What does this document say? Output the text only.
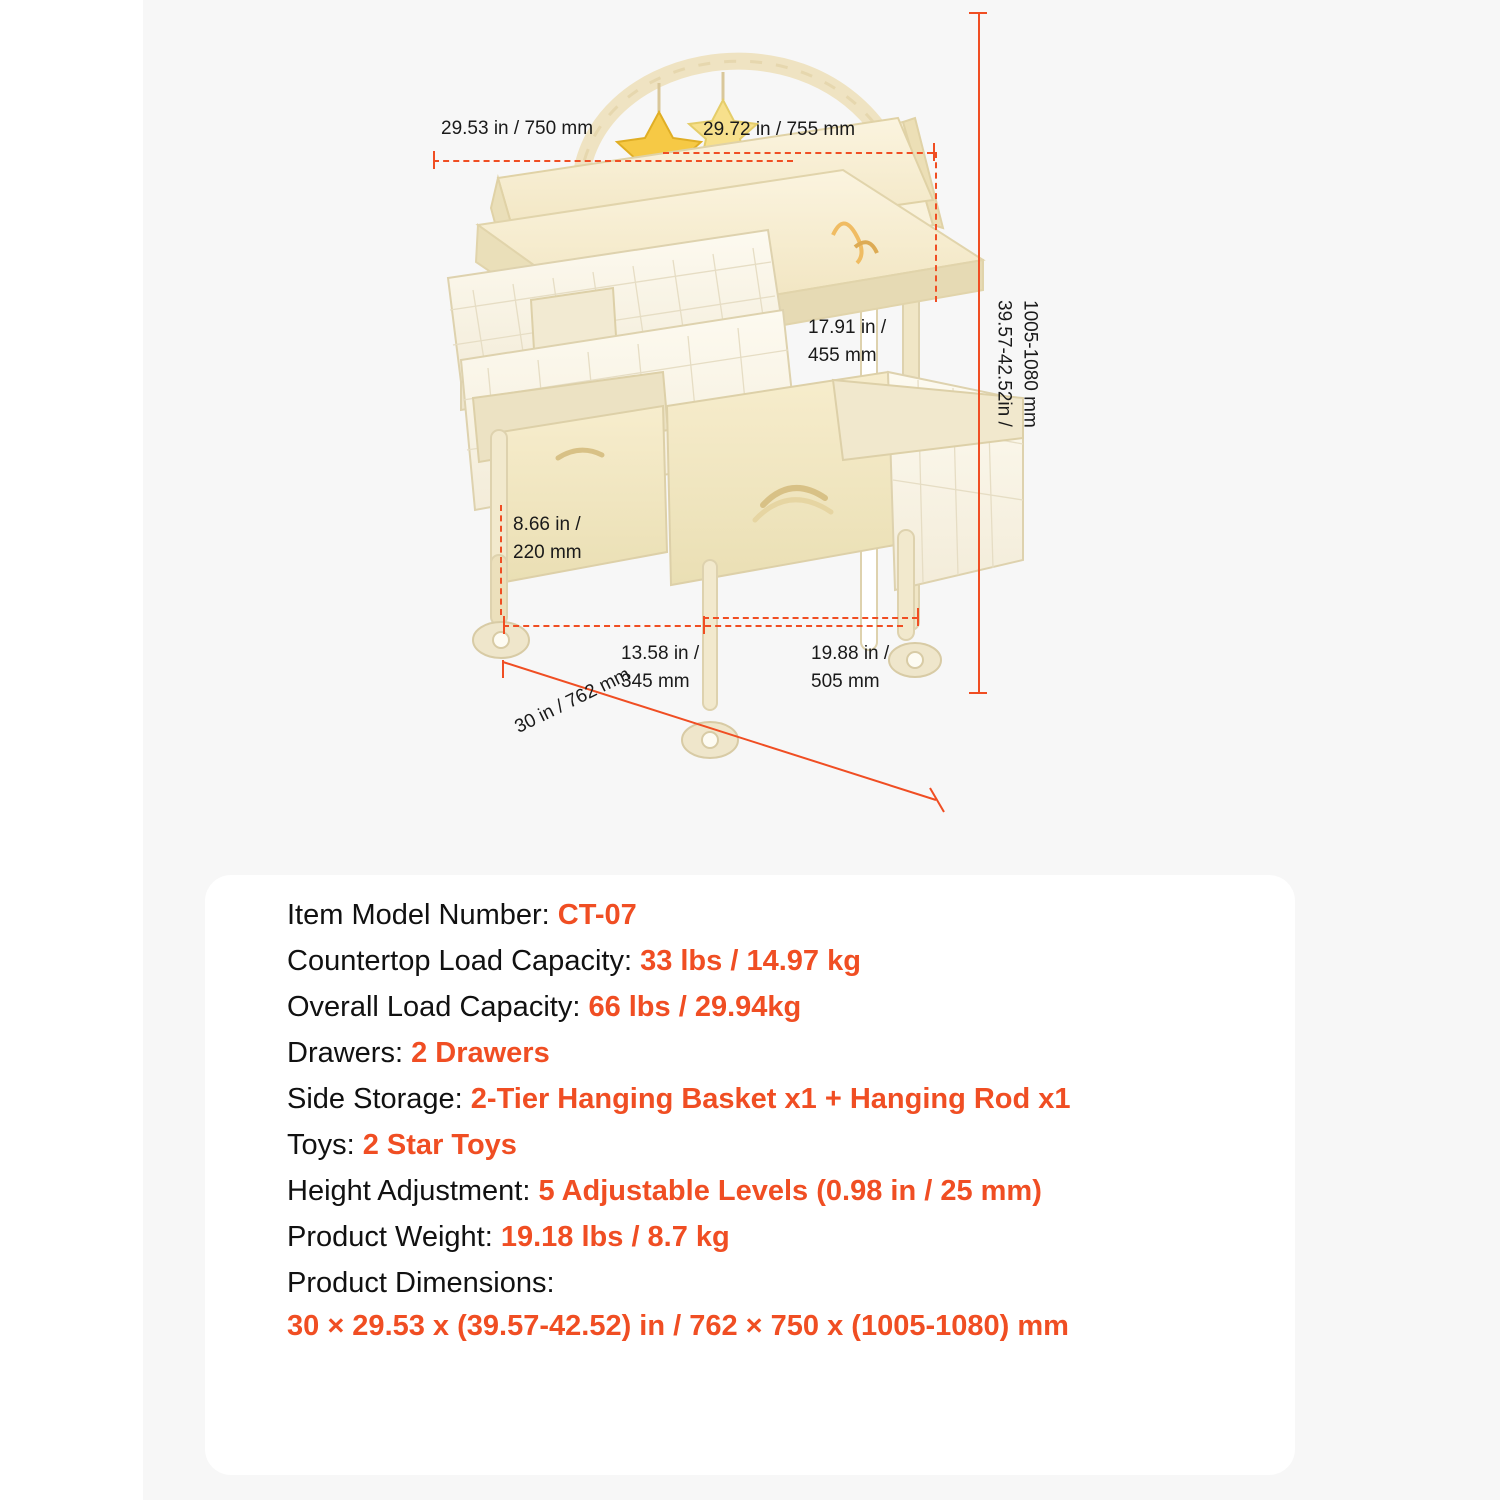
29.53 in / 750 mm	29.72 in / 755 mm
17.91 in /
455 mm	39.57-42.52in / 1005-1080 mm
8.66 in /
220 mm
13.58 in /
345 mm
19.88 in /
505 mm
30 in / 762 mm
Item Model Number: CT-07
Countertop Load Capacity: 33 lbs / 14.97 kg
Overall Load Capacity: 66 lbs / 29.94kg
Drawers: 2 Drawers
Side Storage: 2-Tier Hanging Basket x1 + Hanging Rod x1
Toys: 2 Star Toys
Height Adjustment: 5 Adjustable Levels (0.98 in / 25 mm)
Product Weight: 19.18 lbs / 8.7 kg
Product Dimensions:
30 × 29.53 x (39.57-42.52) in / 762 × 750 x (1005-1080) mm
